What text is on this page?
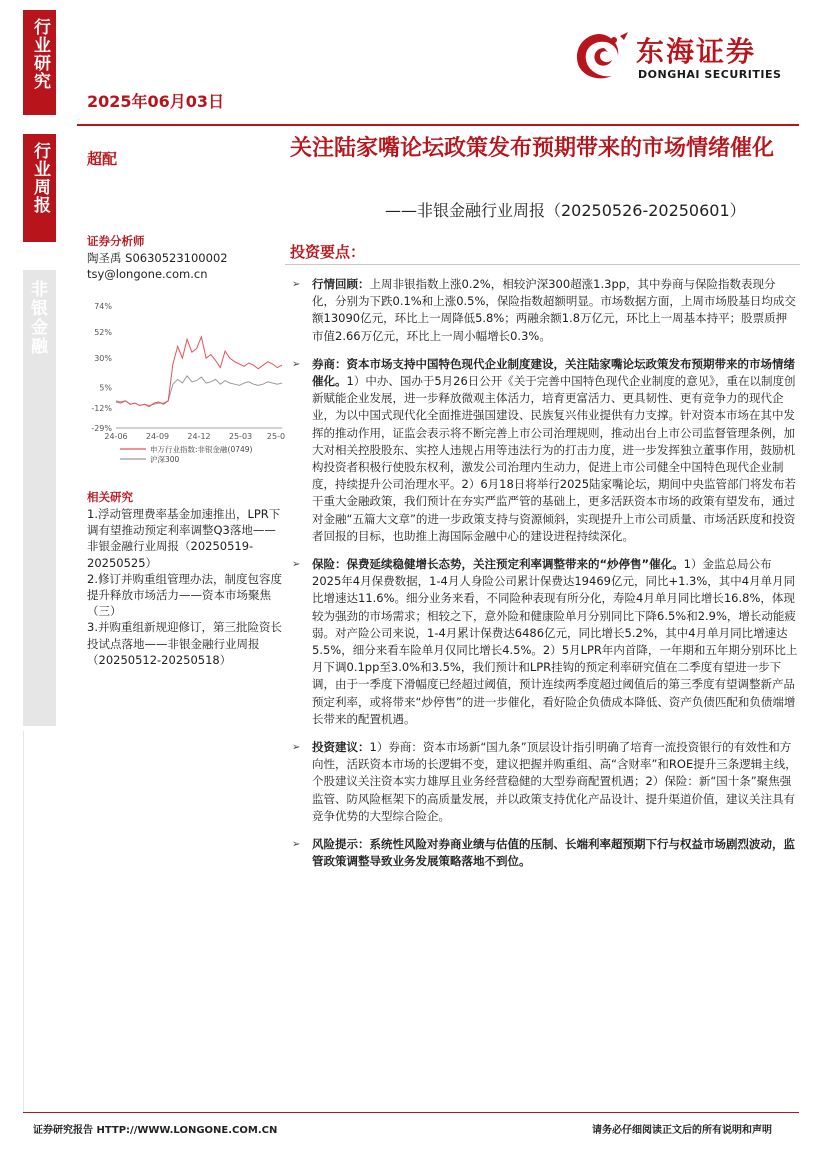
行业研究
行业周报
非银金融
2025年06月03日
东海证券
DONGHAI SECURITIES
超配	关注陆家嘴论坛政策发布预期带来的市场情绪催化
——非银金融行业周报（20250526-20250601）
证券分析师
陶圣禹 S0630523100002
tsy@longone.com.cn
74%
52%
30%
5%
-12%
-29%
24-06 24-09 24-12 25-03 25-0
申万行业指数:非银金融(0749)
沪深300
相关研究

1.浮动管理费率基金加速推出，LPR下调有望推动预定利率调整Q3落地——非银金融行业周报（20250519-20250525）

2.修订并购重组管理办法，制度包容度提升释放市场活力——资本市场聚焦（三）

3.并购重组新规迎修订，第三批险资长投试点落地——非银金融行业周报（20250512-20250518）

投资要点：
➢ 行情回顾：上周非银指数上涨0.2%，相较沪深300超涨1.3pp，其中券商与保险指数表现分化，分别为下跌0.1%和上涨0.5%，保险指数超额明显。市场数据方面，上周市场股基日均成交额13090亿元，环比上一周降低5.8%；两融余额1.8万亿元，环比上一周基本持平；股票质押市值2.66万亿元，环比上一周小幅增长0.3%。
➢ 券商：资本市场支持中国特色现代企业制度建设，关注陆家嘴论坛政策发布预期带来的市场情绪催化。1）中办、国办于5月26日公开《关于完善中国特色现代企业制度的意见》，重在以制度创新赋能企业发展，进一步释放微观主体活力，培育更富活力、更具韧性、更有竞争力的现代企业，为以中国式现代化全面推进强国建设、民族复兴伟业提供有力支撑。针对资本市场在其中发挥的推动作用，证监会表示将不断完善上市公司治理规则，推动出台上市公司监督管理条例，加大对相关控股股东、实控人违规占用等违法行为的打击力度，进一步发挥独立董事作用，鼓励机构投资者积极行使股东权利，激发公司治理内生动力，促进上市公司健全中国特色现代企业制度，持续提升公司治理水平。2）6月18日将举行2025陆家嘴论坛，期间中央监管部门将发布若干重大金融政策，我们预计在夯实严监严管的基础上，更多活跃资本市场的政策有望发布，通过对金融“五篇大文章”的进一步政策支持与资源倾斜，实现提升上市公司质量、市场活跃度和投资者回报的目标，也助推上海国际金融中心的建设进程持续深化。
➢ 保险：保费延续稳健增长态势，关注预定利率调整带来的“炒停售”催化。1）金监总局公布2025年4月保费数据，1-4月人身险公司累计保费达19469亿元，同比+1.3%，其中4月单月同比增速达11.6%。细分业务来看，不同险种表现有所分化，寿险4月单月同比增长16.8%，体现较为强劲的市场需求；相较之下，意外险和健康险单月分别同比下降6.5%和2.9%，增长动能疲弱。对产险公司来说，1-4月累计保费达6486亿元，同比增长5.2%，其中4月单月同比增速达5.5%，细分来看车险单月仅同比增长4.5%。2）5月LPR年内首降，一年期和五年期分别环比上月下调0.1pp至3.0%和3.5%，我们预计和LPR挂钩的预定利率研究值在二季度有望进一步下调，由于一季度下滑幅度已经超过阈值，预计连续两季度超过阈值后的第三季度有望调整新产品预定利率，或将带来“炒停售”的进一步催化，看好险企负债成本降低、资产负债匹配和负债端增长带来的配置机遇。
➢ 投资建议：1）券商：资本市场新“国九条”顶层设计指引明确了培育一流投资银行的有效性和方向性，活跃资本市场的长逻辑不变，建议把握并购重组、高“含财率”和ROE提升三条逻辑主线，个股建议关注资本实力雄厚且业务经营稳健的大型券商配置机遇；2）保险：新“国十条”聚焦强监管、防风险框架下的高质量发展，并以政策支持优化产品设计、提升渠道价值，建议关注具有竞争优势的大型综合险企。
➢ 风险提示：系统性风险对券商业绩与估值的压制、长端利率超预期下行与权益市场剧烈波动，监管政策调整导致业务发展策略落地不到位。
证券研究报告 HTTP://WWW.LONGONE.COM.CN	请务必仔细阅读正文后的所有说明和声明
